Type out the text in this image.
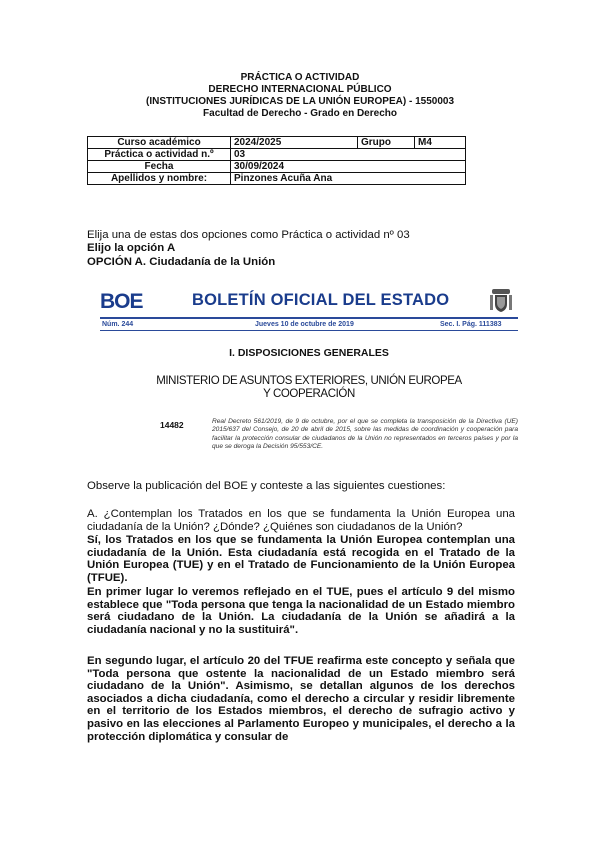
PRÁCTICA O ACTIVIDAD
DERECHO INTERNACIONAL PÚBLICO
(INSTITUCIONES JURÍDICAS DE LA UNIÓN EUROPEA) - 1550003
Facultad de Derecho - Grado en Derecho
Curso académico	2024/2025	Grupo	M4
Práctica o actividad n.º	03		
Fecha	30/09/2024		
Apellidos y nombre:	Pinzones Acuña Ana		
Elija una de estas dos opciones como Práctica o actividad nº 03
Elijo la opción A
OPCIÓN A. Ciudadanía de la Unión
BOE	BOLETÍN OFICIAL DEL ESTADO
Núm. 244	Jueves 10 de octubre de 2019	Sec. I. Pág. 111383
I. DISPOSICIONES GENERALES
MINISTERIO DE ASUNTOS EXTERIORES, UNIÓN EUROPEA
Y COOPERACIÓN
14482	Real Decreto 561/2019, de 9 de octubre, por el que se completa la transposición de la Directiva (UE) 2015/637 del Consejo, de 20 de abril de 2015, sobre las medidas de coordinación y cooperación para facilitar la protección consular de ciudadanos de la Unión no representados en terceros países y por la que se deroga la Decisión 95/553/CE.
Observe la publicación del BOE y conteste a las siguientes cuestiones:
A. ¿Contemplan los Tratados en los que se fundamenta la Unión Europea una ciudadanía de la Unión? ¿Dónde? ¿Quiénes son ciudadanos de la Unión?
Sí, los Tratados en los que se fundamenta la Unión Europea contemplan una ciudadanía de la Unión. Esta ciudadanía está recogida en el Tratado de la Unión Europea (TUE) y en el Tratado de Funcionamiento de la Unión Europea (TFUE).
En primer lugar lo veremos reflejado en el TUE, pues el artículo 9 del mismo establece que "Toda persona que tenga la nacionalidad de un Estado miembro será ciudadano de la Unión. La ciudadanía de la Unión se añadirá a la ciudadanía nacional y no la sustituirá".
En segundo lugar, el artículo 20 del TFUE reafirma este concepto y señala que "Toda persona que ostente la nacionalidad de un Estado miembro será ciudadano de la Unión". Asimismo, se detallan algunos de los derechos asociados a dicha ciudadanía, como el derecho a circular y residir libremente en el territorio de los Estados miembros, el derecho de sufragio activo y pasivo en las elecciones al Parlamento Europeo y municipales, el derecho a la protección diplomática y consular de
